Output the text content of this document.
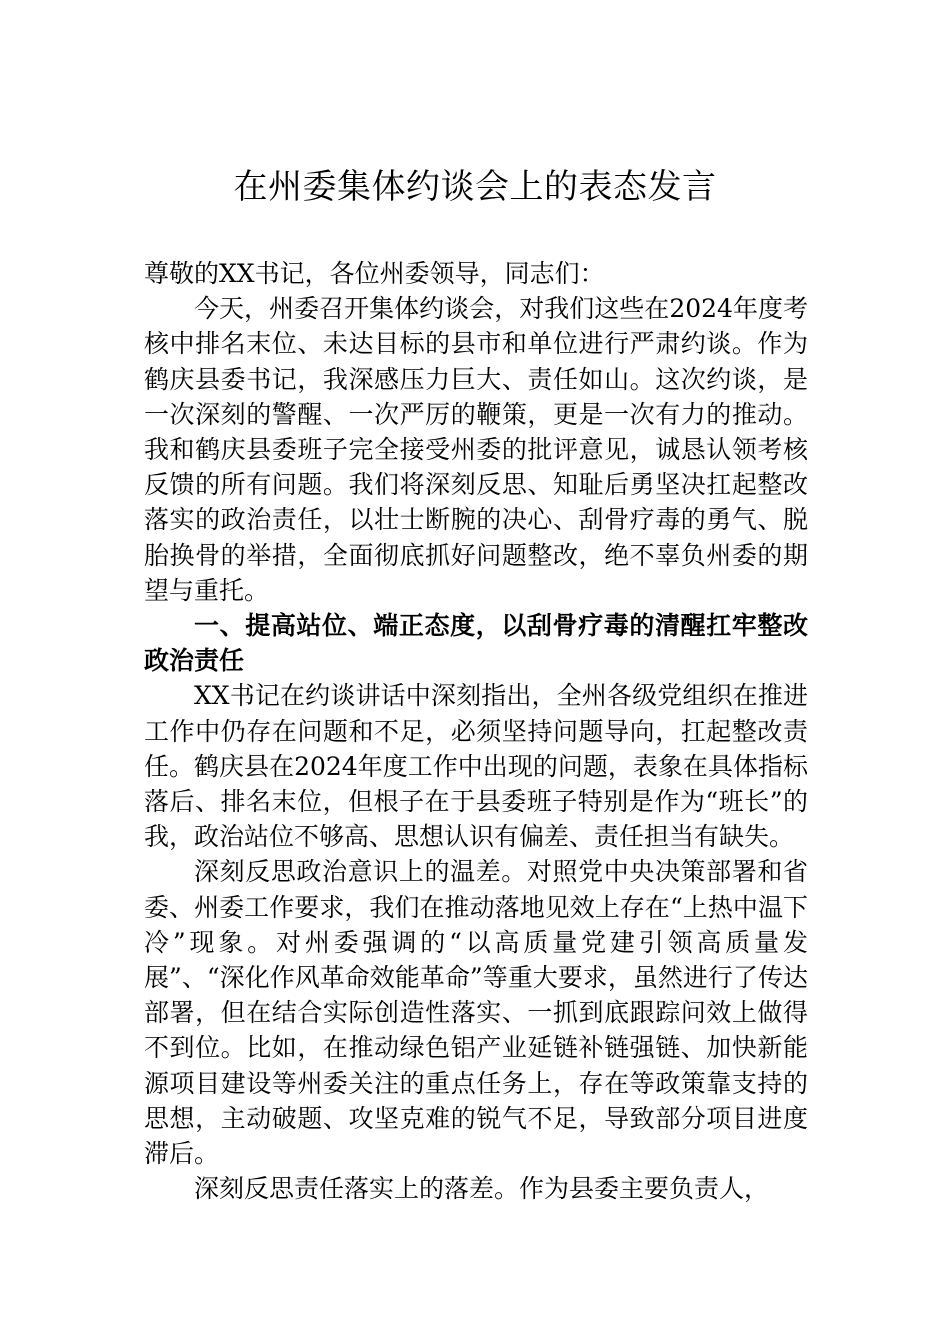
在州委集体约谈会上的表态发言

尊敬的XX书记，各位州委领导，同志们：

今天，州委召开集体约谈会，对我们这些在2024年度考核中排名末位、未达目标的县市和单位进行严肃约谈。作为鹤庆县委书记，我深感压力巨大、责任如山。这次约谈，是一次深刻的警醒、一次严厉的鞭策，更是一次有力的推动。我和鹤庆县委班子完全接受州委的批评意见，诚恳认领考核反馈的所有问题。我们将深刻反思、知耻后勇坚决扛起整改落实的政治责任，以壮士断腕的决心、刮骨疗毒的勇气、脱胎换骨的举措，全面彻底抓好问题整改，绝不辜负州委的期望与重托。

一、提高站位、端正态度，以刮骨疗毒的清醒扛牢整改政治责任

XX书记在约谈讲话中深刻指出，全州各级党组织在推进工作中仍存在问题和不足，必须坚持问题导向，扛起整改责任。鹤庆县在2024年度工作中出现的问题，表象在具体指标落后、排名末位，但根子在于县委班子特别是作为“班长”的我，政治站位不够高、思想认识有偏差、责任担当有缺失。

深刻反思政治意识上的温差。对照党中央决策部署和省委、州委工作要求，我们在推动落地见效上存在“上热中温下冷”现象。对州委强调的“以高质量党建引领高质量发展”、“深化作风革命效能革命”等重大要求，虽然进行了传达部署，但在结合实际创造性落实、一抓到底跟踪问效上做得不到位。比如，在推动绿色铝产业延链补链强链、加快新能源项目建设等州委关注的重点任务上，存在等政策靠支持的思想，主动破题、攻坚克难的锐气不足，导致部分项目进度滞后。

深刻反思责任落实上的落差。作为县委主要负责人，
